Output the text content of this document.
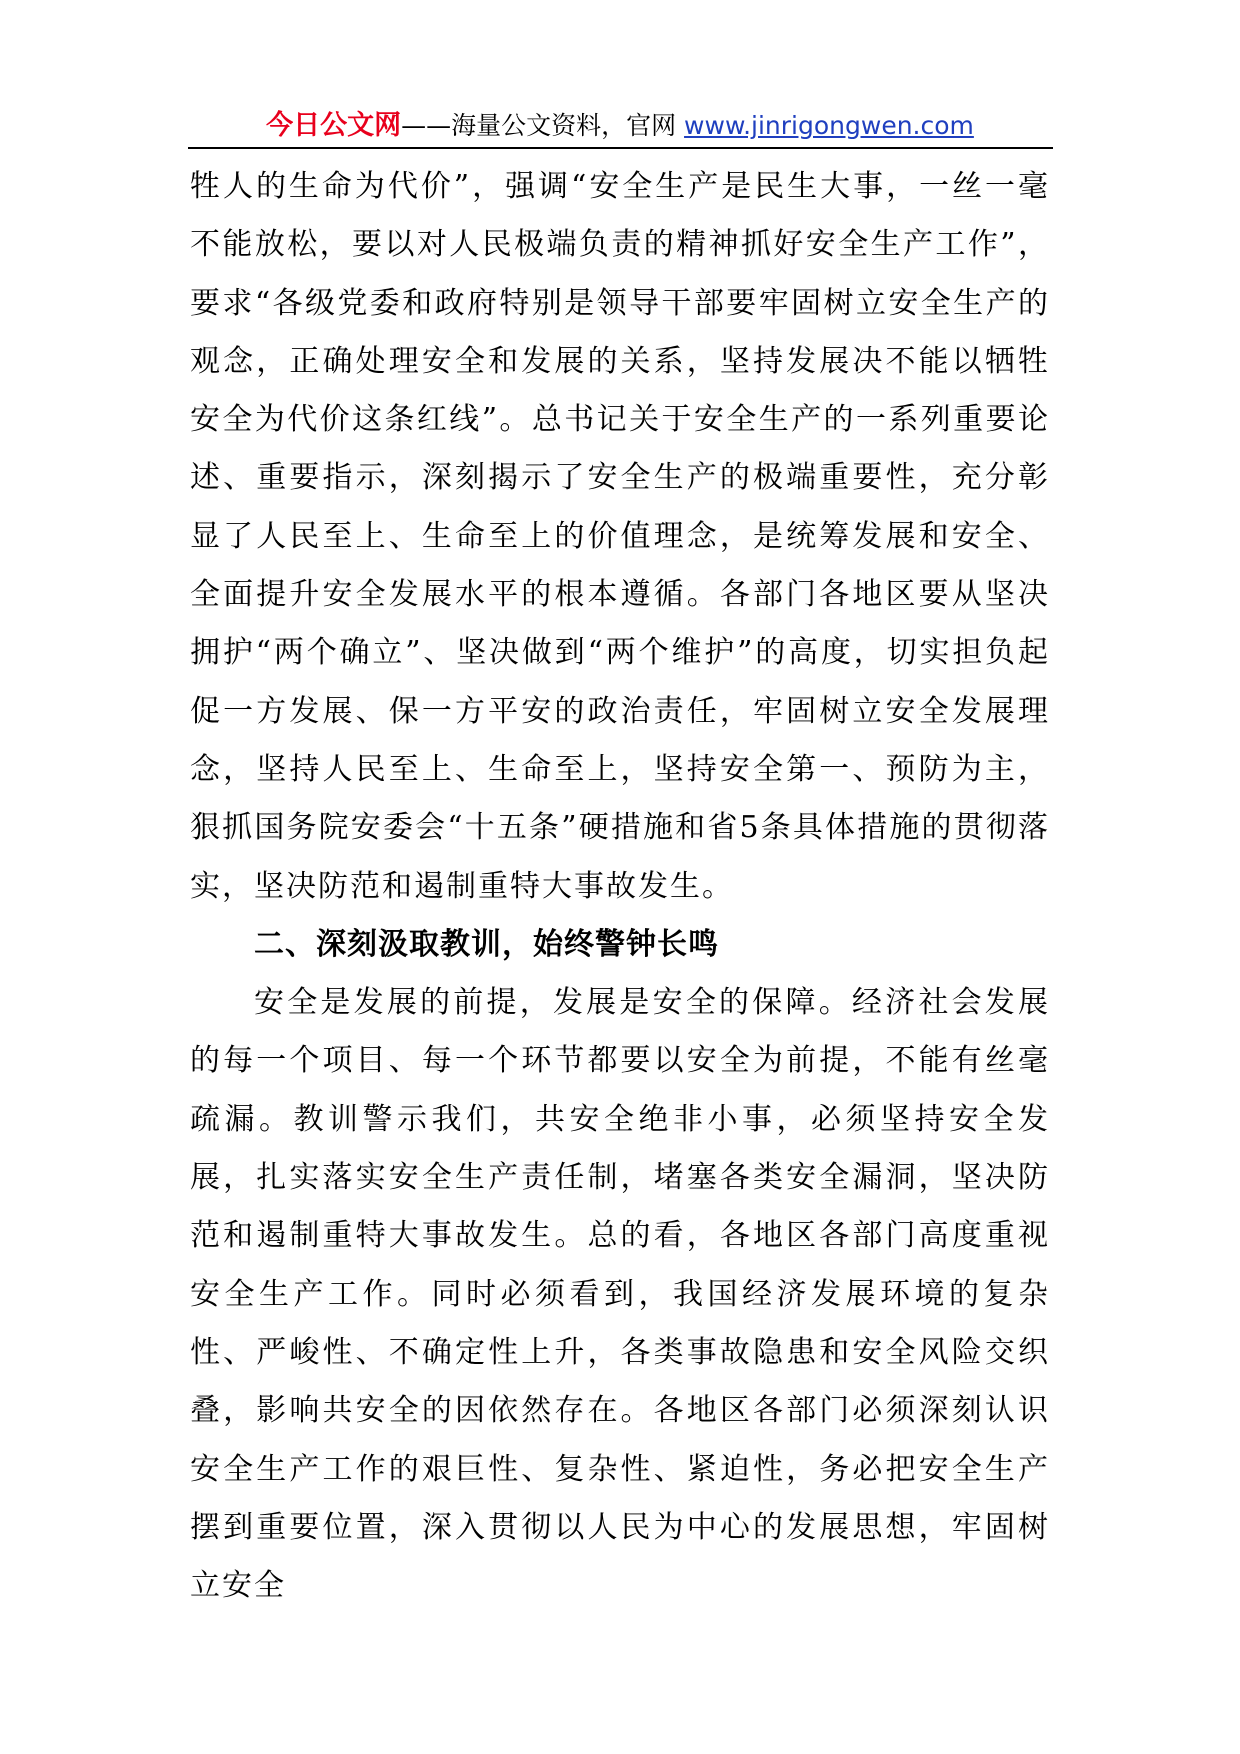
今日公文网——海量公文资料，官网 www.jinrigongwen.com

牲人的生命为代价”，强调“安全生产是民生大事，一丝一毫不能放松，要以对人民极端负责的精神抓好安全生产工作”，要求“各级党委和政府特别是领导干部要牢固树立安全生产的观念，正确处理安全和发展的关系，坚持发展决不能以牺牲安全为代价这条红线”。总书记关于安全生产的一系列重要论述、重要指示，深刻揭示了安全生产的极端重要性，充分彰显了人民至上、生命至上的价值理念，是统筹发展和安全、全面提升安全发展水平的根本遵循。各部门各地区要从坚决拥护“两个确立”、坚决做到“两个维护”的高度，切实担负起促一方发展、保一方平安的政治责任，牢固树立安全发展理念，坚持人民至上、生命至上，坚持安全第一、预防为主，狠抓国务院安委会“十五条”硬措施和省5条具体措施的贯彻落实，坚决防范和遏制重特大事故发生。

二、深刻汲取教训，始终警钟长鸣

安全是发展的前提，发展是安全的保障。经济社会发展的每一个项目、每一个环节都要以安全为前提，不能有丝毫疏漏。教训警示我们，共安全绝非小事，必须坚持安全发展，扎实落实安全生产责任制，堵塞各类安全漏洞，坚决防范和遏制重特大事故发生。总的看，各地区各部门高度重视安全生产工作。同时必须看到，我国经济发展环境的复杂性、严峻性、不确定性上升，各类事故隐患和安全风险交织叠，影响共安全的因依然存在。各地区各部门必须深刻认识安全生产工作的艰巨性、复杂性、紧迫性，务必把安全生产摆到重要位置，深入贯彻以人民为中心的发展思想，牢固树立安全
